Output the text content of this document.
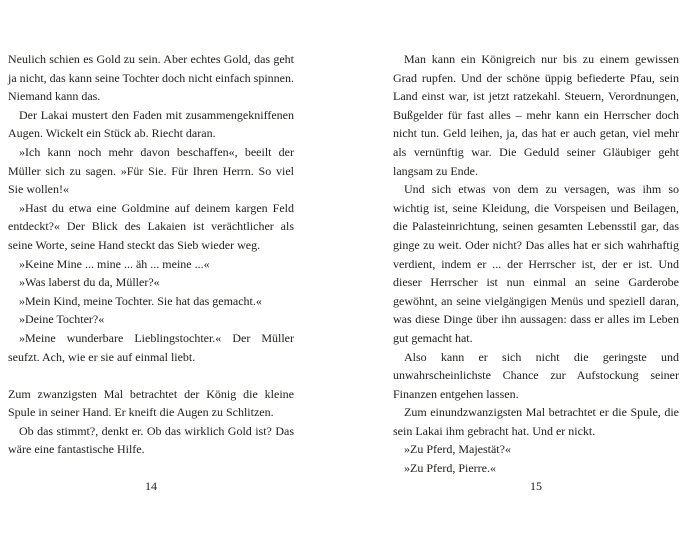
Neulich schien es Gold zu sein. Aber echtes Gold, das geht ja nicht, das kann seine Tochter doch nicht einfach spinnen. Niemand kann das.

Der Lakai mustert den Faden mit zusammengekniffenen Augen. Wickelt ein Stück ab. Riecht daran.

»Ich kann noch mehr davon beschaffen«, beeilt der Müller sich zu sagen. »Für Sie. Für Ihren Herrn. So viel Sie wollen!«

»Hast du etwa eine Goldmine auf deinem kargen Feld entdeckt?« Der Blick des Lakaien ist verächtlicher als seine Worte, seine Hand steckt das Sieb wieder weg.

»Keine Mine ... mine ... äh ... meine ...«

»Was laberst du da, Müller?«

»Mein Kind, meine Tochter. Sie hat das gemacht.«

»Deine Tochter?«

»Meine wunderbare Lieblingstochter.« Der Müller seufzt. Ach, wie er sie auf einmal liebt.

Zum zwanzigsten Mal betrachtet der König die kleine Spule in seiner Hand. Er kneift die Augen zu Schlitzen.

Ob das stimmt?, denkt er. Ob das wirklich Gold ist? Das wäre eine fantastische Hilfe.

Man kann ein Königreich nur bis zu einem gewissen Grad rupfen. Und der schöne üppig befiederte Pfau, sein Land einst war, ist jetzt ratzekahl. Steuern, Verordnungen, Bußgelder für fast alles – mehr kann ein Herrscher doch nicht tun. Geld leihen, ja, das hat er auch getan, viel mehr als vernünftig war. Die Geduld seiner Gläubiger geht langsam zu Ende.

Und sich etwas von dem zu versagen, was ihm so wichtig ist, seine Kleidung, die Vorspeisen und Beilagen, die Palasteinrichtung, seinen gesamten Lebensstil gar, das ginge zu weit. Oder nicht? Das alles hat er sich wahrhaftig verdient, indem er ... der Herrscher ist, der er ist. Und dieser Herrscher ist nun einmal an seine Garderobe gewöhnt, an seine vielgängigen Menüs und speziell daran, was diese Dinge über ihn aussagen: dass er alles im Leben gut gemacht hat.

Also kann er sich nicht die geringste und unwahrscheinlichste Chance zur Aufstockung seiner Finanzen entgehen lassen.

Zum einundzwanzigsten Mal betrachtet er die Spule, die sein Lakai ihm gebracht hat. Und er nickt.

»Zu Pferd, Majestät?«

»Zu Pferd, Pierre.«

14	15
